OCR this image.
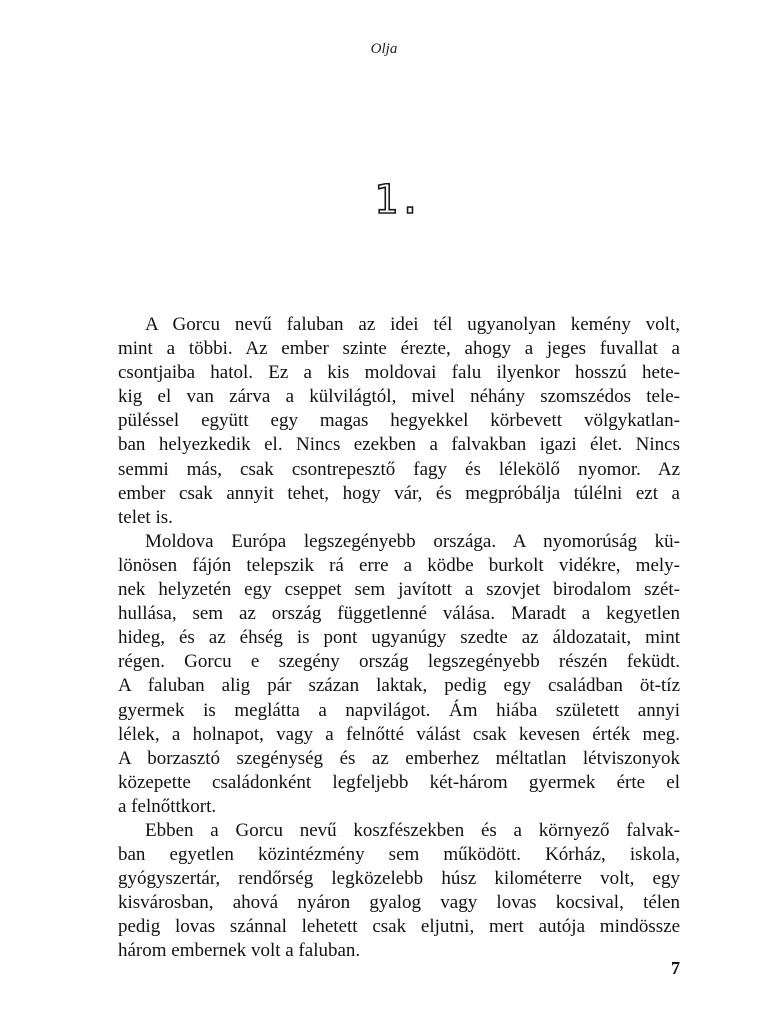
Olja
1.
A Gorcu nevű faluban az idei tél ugyanolyan kemény volt,
mint a többi. Az ember szinte érezte, ahogy a jeges fuvallat a
csontjaiba hatol. Ez a kis moldovai falu ilyenkor hosszú hete-
kig el van zárva a külvilágtól, mivel néhány szomszédos tele-
püléssel együtt egy magas hegyekkel körbevett völgykatlan-
ban helyezkedik el. Nincs ezekben a falvakban igazi élet. Nincs
semmi más, csak csontrepesztő fagy és lélekölő nyomor. Az
ember csak annyit tehet, hogy vár, és megpróbálja túlélni ezt a
telet is.
Moldova Európa legszegényebb országa. A nyomorúság kü-
lönösen fájón telepszik rá erre a ködbe burkolt vidékre, mely-
nek helyzetén egy cseppet sem javított a szovjet birodalom szét-
hullása, sem az ország függetlenné válása. Maradt a kegyetlen
hideg, és az éhség is pont ugyanúgy szedte az áldozatait, mint
régen. Gorcu e szegény ország legszegényebb részén feküdt.
A faluban alig pár százan laktak, pedig egy családban öt-tíz
gyermek is meglátta a napvilágot. Ám hiába született annyi
lélek, a holnapot, vagy a felnőtté válást csak kevesen érték meg.
A borzasztó szegénység és az emberhez méltatlan létviszonyok
közepette családonként legfeljebb két-három gyermek érte el
a felnőttkort.
Ebben a Gorcu nevű koszfészekben és a környező falvak-
ban egyetlen közintézmény sem működött. Kórház, iskola,
gyógyszertár, rendőrség legközelebb húsz kilométerre volt, egy
kisvárosban, ahová nyáron gyalog vagy lovas kocsival, télen
pedig lovas szánnal lehetett csak eljutni, mert autója mindössze
három embernek volt a faluban.
7
